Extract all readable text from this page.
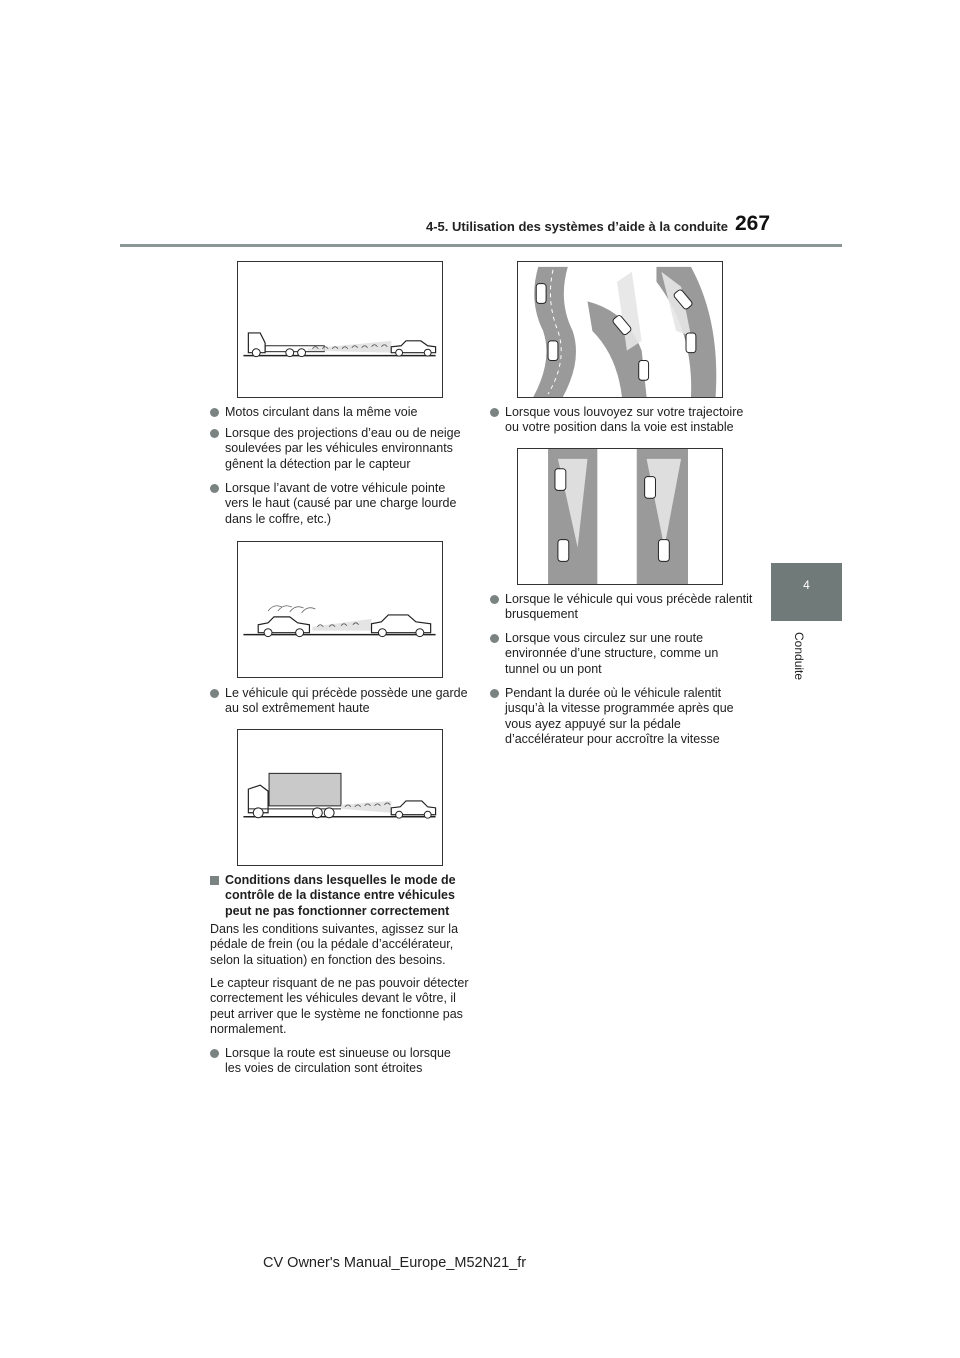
4-5. Utilisation des systèmes d’aide à la conduite 267
4
Conduite
Motos circulant dans la même voie
Lorsque des projections d’eau ou de neige soulevées par les véhicules environnants gênent la détection par le capteur
Lorsque l’avant de votre véhicule pointe vers le haut (causé par une charge lourde dans le coffre, etc.)
Le véhicule qui précède possède une garde au sol extrêmement haute
Conditions dans lesquelles le mode de contrôle de la distance entre véhicules peut ne pas fonctionner correctement
Dans les conditions suivantes, agissez sur la pédale de frein (ou la pédale d’accélérateur, selon la situation) en fonction des besoins.
Le capteur risquant de ne pas pouvoir détecter correctement les véhicules devant le vôtre, il peut arriver que le système ne fonctionne pas normalement.
Lorsque la route est sinueuse ou lorsque les voies de circulation sont étroites
Lorsque vous louvoyez sur votre trajectoire ou votre position dans la voie est instable
Lorsque le véhicule qui vous précède ralentit brusquement
Lorsque vous circulez sur une route environnée d’une structure, comme un tunnel ou un pont
Pendant la durée où le véhicule ralentit jusqu’à la vitesse programmée après que vous ayez appuyé sur la pédale d’accélérateur pour accroître la vitesse
CV Owner's Manual_Europe_M52N21_fr
